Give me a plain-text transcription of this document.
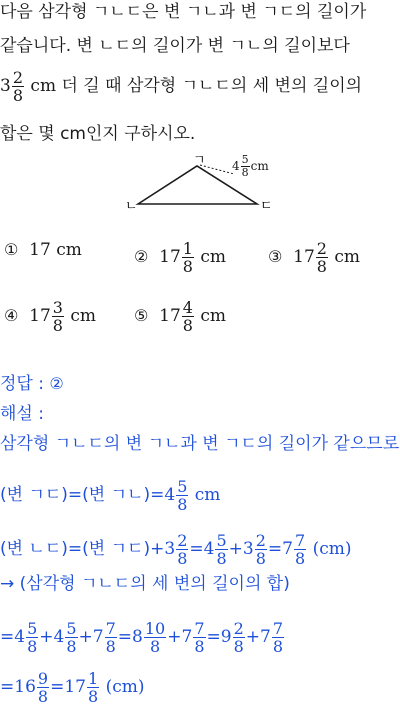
다음 삼각형 ㄱㄴㄷ은 변 ㄱㄴ과 변 ㄱㄷ의 길이가
같습니다. 변 ㄴㄷ의 길이가 변 ㄱㄴ의 길이보다
$3 \frac{2}{8}$ cm 더 길 때 삼각형 ㄱㄴㄷ의 세 변의 길이의
합은 몇 cm인지 구하시오.
ㄱ
ㄴ	ㄷ
$4 \frac{5}{8}$ cm
① 17 cm	② $17 \frac{1}{8}$ cm	③ $17 \frac{2}{8}$ cm
④ $17 \frac{3}{8}$ cm ⑤ $17 \frac{4}{8}$ cm
정답 : ②
해설 :
삼각형 ㄱㄴㄷ의 변 ㄱㄴ과 변 ㄱㄷ의 길이가 같으므로
(변 ㄱㄷ)=(변 ㄱㄴ)$=4 \frac{5}{8}$ cm
(변 ㄴㄷ)=(변 ㄱㄷ)$+3 \frac{2}{8} =4 \frac{5}{8} +3 \frac{2}{8} =7 \frac{7}{8} (cm)$
→ (삼각형 ㄱㄴㄷ의 세 변의 길이의 합)
$=4 \frac{5}{8} +4 \frac{5}{8} +7 \frac{7}{8} =8 \frac{10}{8} +7 \frac{7}{8} =9 \frac{2}{8} +7 \frac{7}{8}$
$=16 \frac{9}{8} =17 \frac{1}{8} (cm)$
